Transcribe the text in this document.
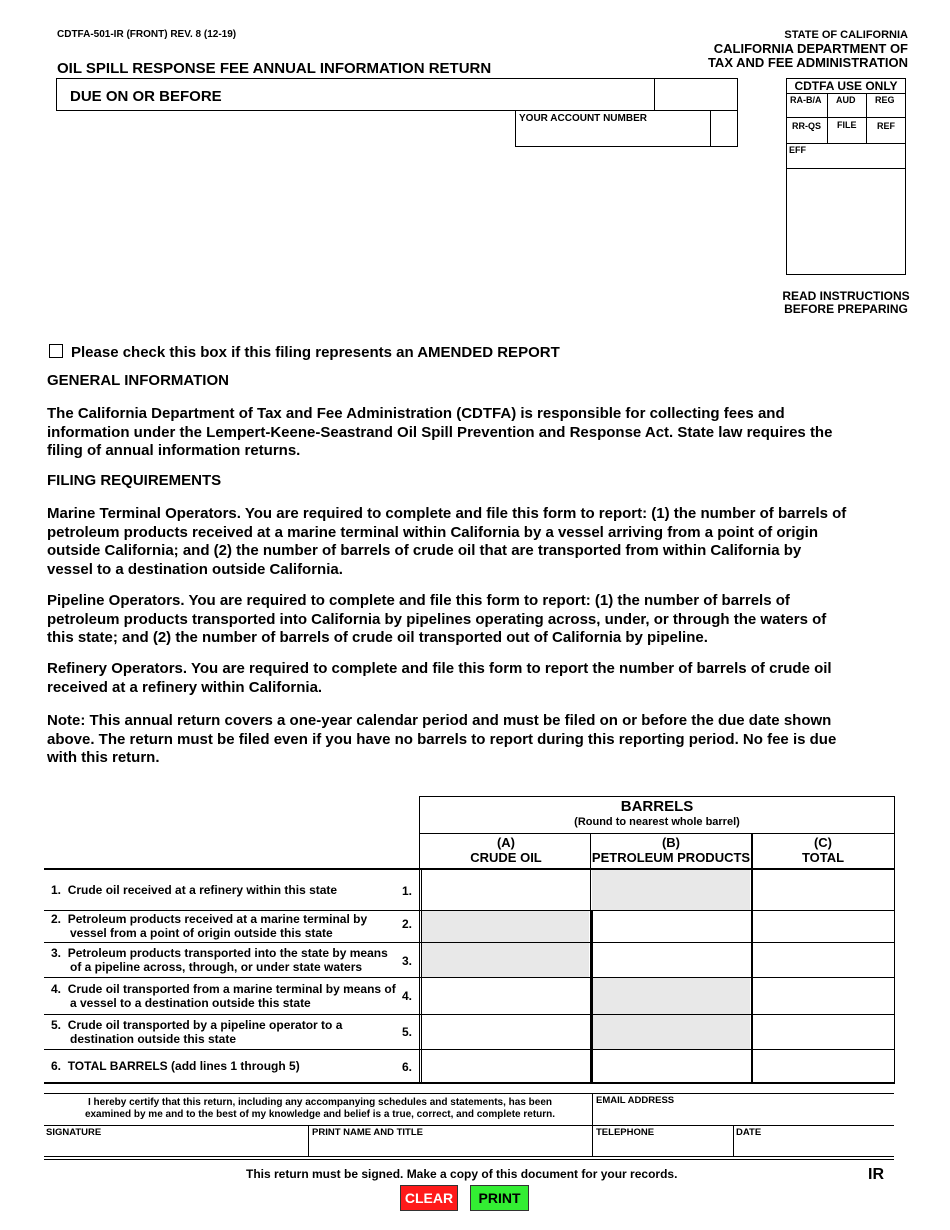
CDTFA-501-IR (FRONT) REV. 8 (12-19)	STATE OF CALIFORNIA
CALIFORNIA DEPARTMENT OF
TAX AND FEE ADMINISTRATION
OIL SPILL RESPONSE FEE ANNUAL INFORMATION RETURN
DUE ON OR BEFORE
YOUR ACCOUNT NUMBER
CDTFA USE ONLY
RA-B/A AUD REG
RR-QS FILE REF
EFF
READ INSTRUCTIONS
BEFORE PREPARING
Please check this box if this filing represents an AMENDED REPORT
GENERAL INFORMATION
The California Department of Tax and Fee Administration (CDTFA) is responsible for collecting fees and information under the Lempert-Keene-Seastrand Oil Spill Prevention and Response Act. State law requires the filing of annual information returns.
FILING REQUIREMENTS
Marine Terminal Operators. You are required to complete and file this form to report: (1) the number of barrels of petroleum products received at a marine terminal within California by a vessel arriving from a point of origin outside California; and (2) the number of barrels of crude oil that are transported from within California by vessel to a destination outside California.
Pipeline Operators. You are required to complete and file this form to report: (1) the number of barrels of petroleum products transported into California by pipelines operating across, under, or through the waters of this state; and (2) the number of barrels of crude oil transported out of California by pipeline.
Refinery Operators. You are required to complete and file this form to report the number of barrels of crude oil received at a refinery within California.
Note: This annual return covers a one-year calendar period and must be filed on or before the due date shown above. The return must be filed even if you have no barrels to report during this reporting period. No fee is due with this return.
BARRELS
(Round to nearest whole barrel)
(A)
CRUDE OIL
(B)
PETROLEUM PRODUCTS
(C)
TOTAL
1. Crude oil received at a refinery within this state	1.
2. Petroleum products received at a marine terminal by
vessel from a point of origin outside this state
2.
3. Petroleum products transported into the state by means
of a pipeline across, through, or under state waters	3.
4. Crude oil transported from a marine terminal by means of
a vessel to a destination outside this state	4.
5. Crude oil transported by a pipeline operator to a
destination outside this state	5.
6. TOTAL BARRELS (add lines 1 through 5)	6.
I hereby certify that this return, including any accompanying schedules and statements, has been
examined by me and to the best of my knowledge and belief is a true, correct, and complete return.
EMAIL ADDRESS
SIGNATURE	PRINT NAME AND TITLE	TELEPHONE	DATE
This return must be signed. Make a copy of this document for your records.	IR
CLEAR	PRINT
